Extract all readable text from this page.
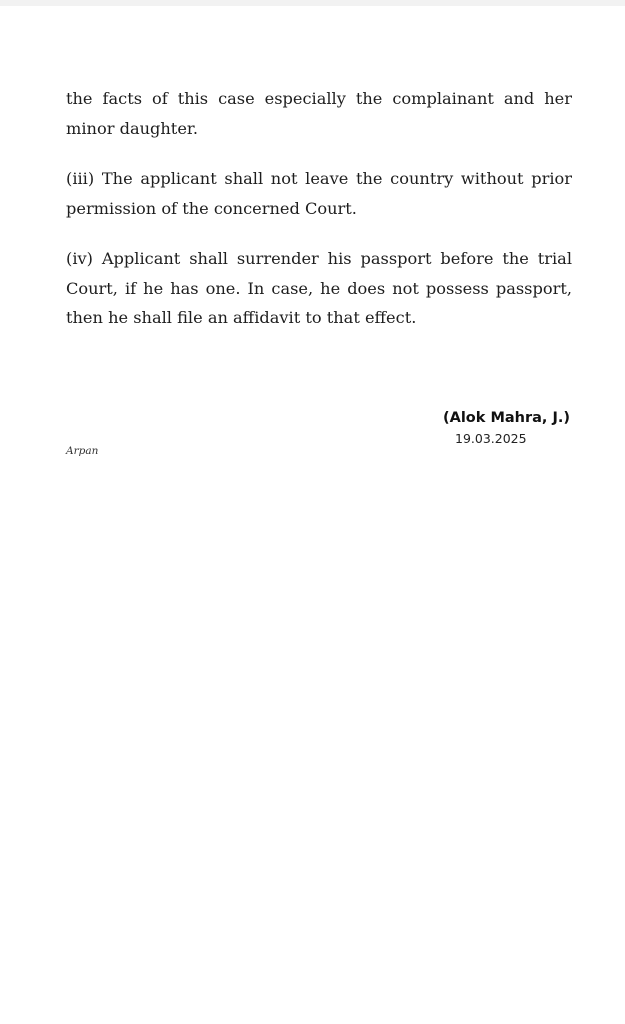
the facts of this case especially the complainant and her
minor daughter.

(iii) The applicant shall not leave the country without prior
permission of the concerned Court.

(iv) Applicant shall surrender his passport before the trial
Court, if he has one. In case, he does not possess passport,
then he shall file an affidavit to that effect.

(Alok Mahra, J.)
19.03.2025
Arpan
